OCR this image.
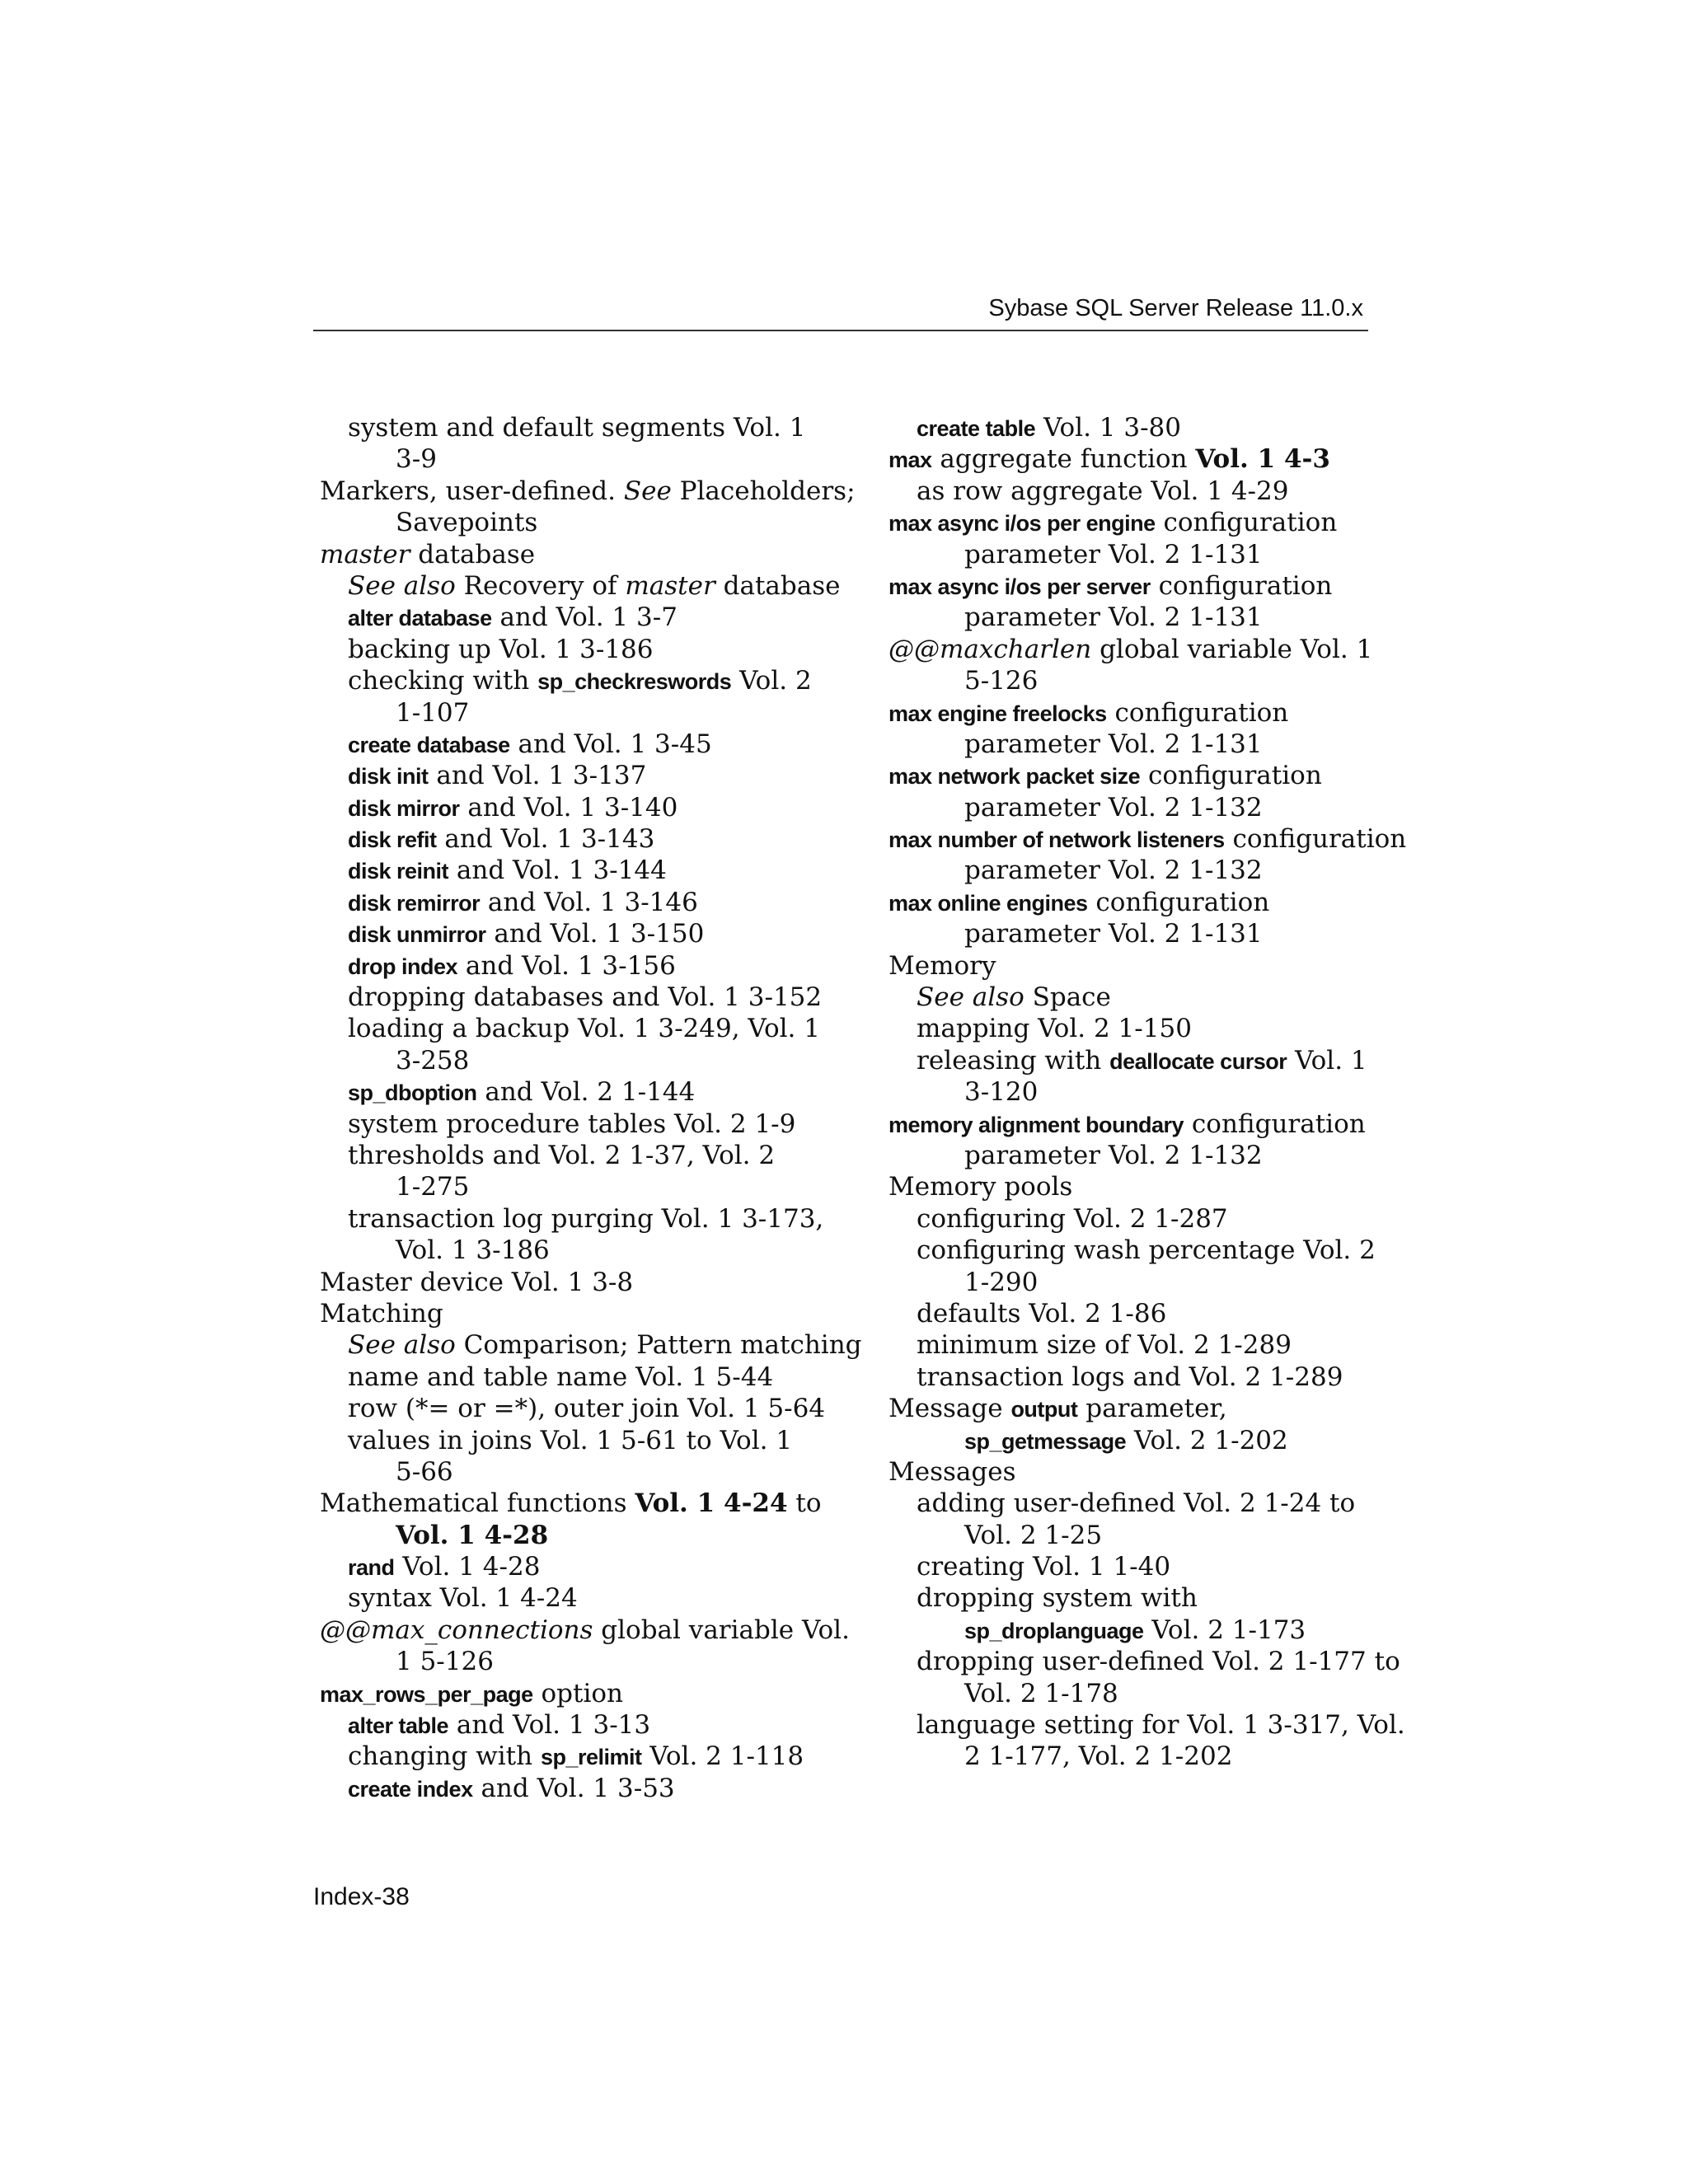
Sybase SQL Server Release 11.0.x
system and default segments Vol. 1
3-9
Markers, user-defined. See Placeholders;
Savepoints
master database
See also Recovery of master database
alter database and Vol. 1 3-7
backing up Vol. 1 3-186
checking with sp_checkreswords Vol. 2
1-107
create database and Vol. 1 3-45
disk init and Vol. 1 3-137
disk mirror and Vol. 1 3-140
disk refit and Vol. 1 3-143
disk reinit and Vol. 1 3-144
disk remirror and Vol. 1 3-146
disk unmirror and Vol. 1 3-150
drop index and Vol. 1 3-156
dropping databases and Vol. 1 3-152
loading a backup Vol. 1 3-249, Vol. 1
3-258
sp_dboption and Vol. 2 1-144
system procedure tables Vol. 2 1-9
thresholds and Vol. 2 1-37, Vol. 2
1-275
transaction log purging Vol. 1 3-173,
Vol. 1 3-186
Master device Vol. 1 3-8
Matching
See also Comparison; Pattern matching
name and table name Vol. 1 5-44
row (*= or =*), outer join Vol. 1 5-64
values in joins Vol. 1 5-61 to Vol. 1
5-66
Mathematical functions Vol. 1 4-24 to
Vol. 1 4-28
rand Vol. 1 4-28
syntax Vol. 1 4-24
@@max_connections global variable Vol.
1 5-126
max_rows_per_page option
alter table and Vol. 1 3-13
changing with sp_relimit Vol. 2 1-118
create index and Vol. 1 3-53
create table Vol. 1 3-80
max aggregate function Vol. 1 4-3
as row aggregate Vol. 1 4-29
max async i/os per engine configuration
parameter Vol. 2 1-131
max async i/os per server configuration
parameter Vol. 2 1-131
@@maxcharlen global variable Vol. 1
5-126
max engine freelocks configuration
parameter Vol. 2 1-131
max network packet size configuration
parameter Vol. 2 1-132
max number of network listeners configuration
parameter Vol. 2 1-132
max online engines configuration
parameter Vol. 2 1-131
Memory
See also Space
mapping Vol. 2 1-150
releasing with deallocate cursor Vol. 1
3-120
memory alignment boundary configuration
parameter Vol. 2 1-132
Memory pools
configuring Vol. 2 1-287
configuring wash percentage Vol. 2
1-290
defaults Vol. 2 1-86
minimum size of Vol. 2 1-289
transaction logs and Vol. 2 1-289
Message output parameter,
sp_getmessage Vol. 2 1-202
Messages
adding user-defined Vol. 2 1-24 to
Vol. 2 1-25
creating Vol. 1 1-40
dropping system with
sp_droplanguage Vol. 2 1-173
dropping user-defined Vol. 2 1-177 to
Vol. 2 1-178
language setting for Vol. 1 3-317, Vol.
2 1-177, Vol. 2 1-202
Index-38
